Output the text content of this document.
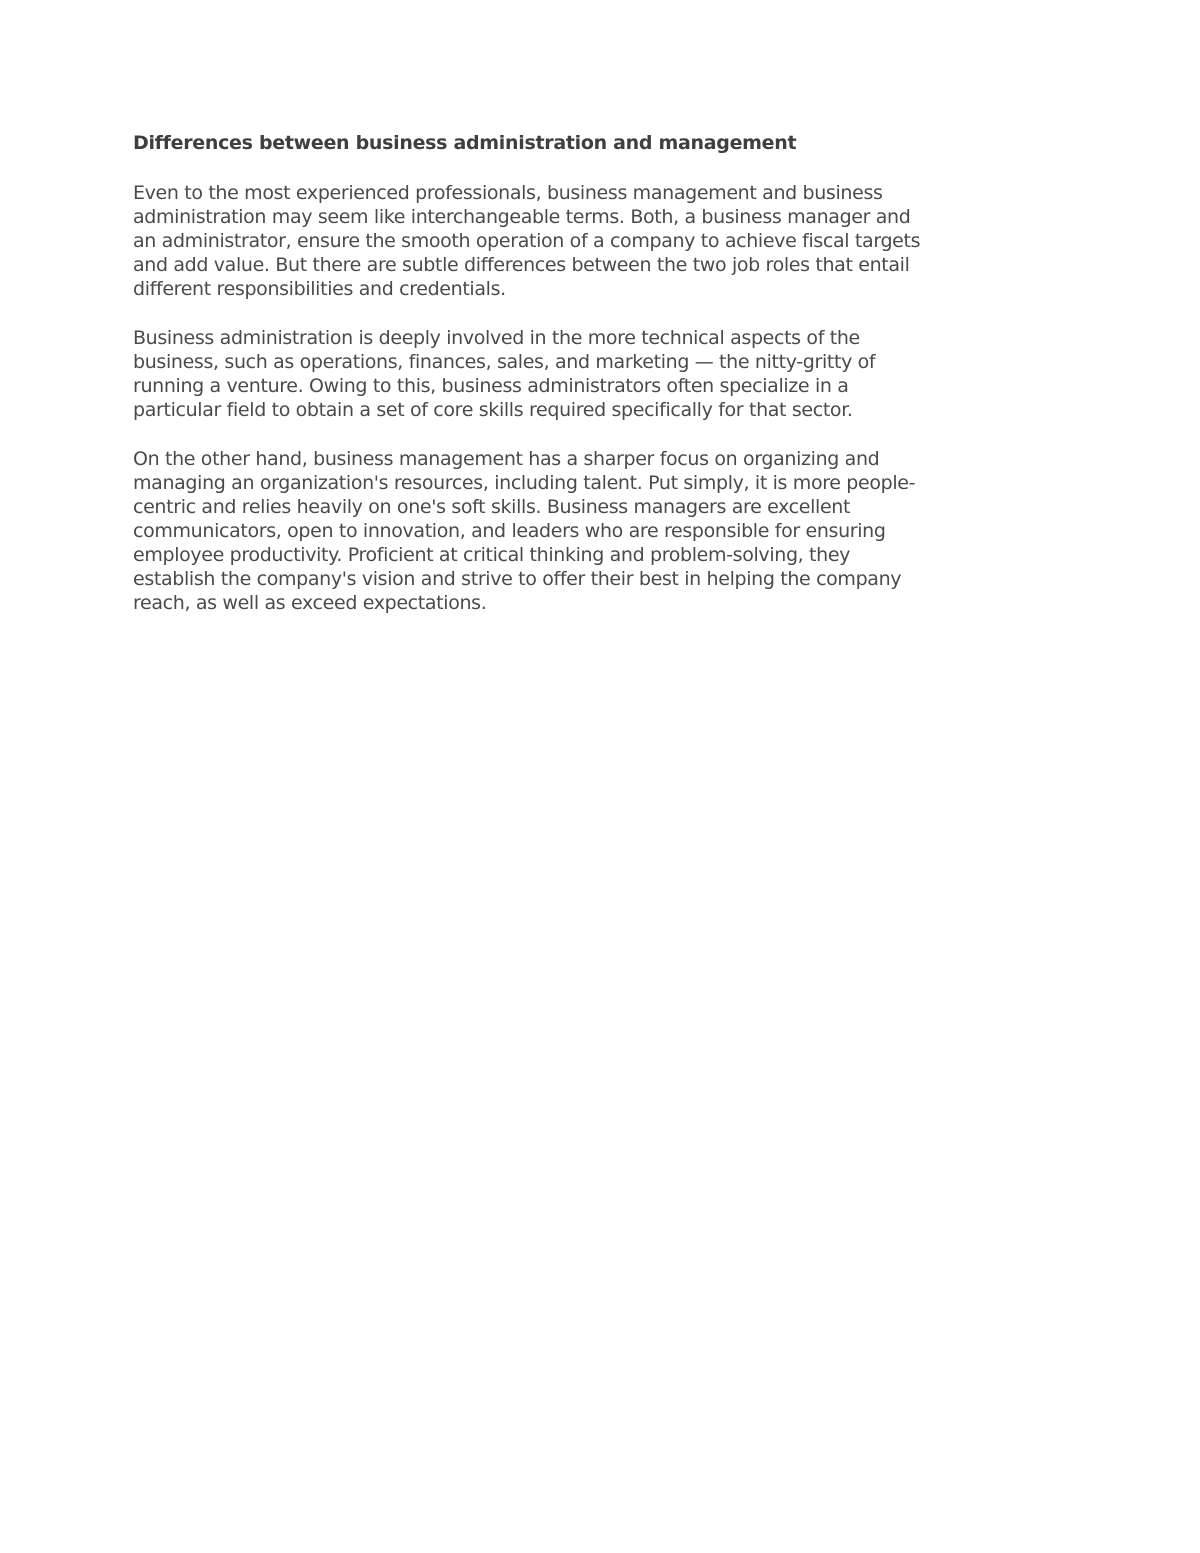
Differences between business administration and management

Even to the most experienced professionals, business management and business
administration may seem like interchangeable terms. Both, a business manager and
an administrator, ensure the smooth operation of a company to achieve fiscal targets
and add value. But there are subtle differences between the two job roles that entail
different responsibilities and credentials.

Business administration is deeply involved in the more technical aspects of the
business, such as operations, finances, sales, and marketing — the nitty-gritty of
running a venture. Owing to this, business administrators often specialize in a
particular field to obtain a set of core skills required specifically for that sector.

On the other hand, business management has a sharper focus on organizing and
managing an organization's resources, including talent. Put simply, it is more people-
centric and relies heavily on one's soft skills. Business managers are excellent
communicators, open to innovation, and leaders who are responsible for ensuring
employee productivity. Proficient at critical thinking and problem-solving, they
establish the company's vision and strive to offer their best in helping the company
reach, as well as exceed expectations.
